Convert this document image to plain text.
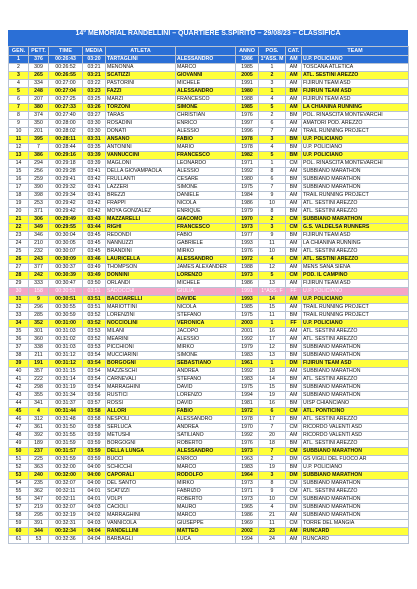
14° MEMORIAL RANDELLINI – QUARTIERE S.SPIRITO – 29/08/23 – CLASSIFICA
GEN.	PETT.	TIME	MEDIA	ATLETA		ANNO	POS.	CAT.	TEAM
1	376	00:26:43	03:20	TARTAGLINI	ALESSANDRO	1986	1°ASS. M	AM	U.P. POLICIANO
2	309	00:26:52	03:21	MENONNA	MARCO	1985	1	AM	TOSCANA ATLETICA
3	265	00:26:55	03:21	SCATIZZI	GIOVANNI	2005	2	AM	ATL. SESTINI AREZZO
4	334	00:27:00	03:22	PASTORINI	MICHELE	1991	3	AM	FIJIRUN TEAM ASD
5	248	00:27:04	03:23	FAZZI	ALESSANDRO	1980	1	BM	FIJIRUN TEAM ASD
6	207	00:27:25	03:25	MARZI	FRANCESCO	1988	4	AM	FIJIRUN TEAM ASD
7	380	00:27:33	03:26	TORZONI	SIMONE	1985	5	AM	LA CHIANINA RUNNING
8	374	00:27:40	03:27	TARAS	CHRISTIAN	1976	2	BM	POL. RINASCITA MONTEVARCHI
9	350	00:28:00	03:30	ROSADINI	ENRICO	1997	6	AM	AMATORI POD. AREZZO
10	201	00:28:02	03:30	DONATI	ALESSIO	1996	7	AM	TRAIL RUNNING PROJECT
11	395	00:28:11	03:31	ANSANO	FABIO	1978	3	BM	U.P. POLICIANO
12	7	00:28:44	03:35	ANTONINI	MARIO	1978	4	BM	U.P. POLICIANO
13	386	00:29:16	03:39	VANNUCCINI	FRANCESCO	1982	5	BM	U.P. POLICIANO
14	294	00:29:18	03:39	MAGLONI	LEONARDO	1971	1	CM	POL. RINASCITA MONTEVARCHI
15	256	00:29:28	03:41	DELLA GIOVAMPAOLA	ALESSIO	1992	8	AM	SUBBIANO MARATHON
16	259	00:29:41	03:42	FRULLANTI	CESARE	1980	6	BM	SUBBIANO MARATHON
17	390	00:29:32	03:41	LAZZERI	SIMONE	1975	7	BM	SUBBIANO MARATHON
18	398	00:29:34	03:41	BREZZI	DANIELE	1984	9	AM	TRAIL RUNNING PROJECT
19	253	00:29:42	03:42	FRAPPI	NICOLA	1986	10	AM	ATL. SESTINI AREZZO
20	371	00:29:42	03:42	MOYA GONZALEZ	ENRIQUE	1979	8	BM	ATL. SESTINI AREZZO
21	306	00:29:49	03:43	MAZZARELLI	GIACOMO	1970	2	CM	SUBBIANO MARATHON
22	349	00:29:55	03:44	RIGHI	FRANCESCO	1973	3	CM	G.S. VALDELSA RUNNERS
23	346	00:30:04	03:45	REDONDI	FABIO	1977	9	BM	FIJIRUN TEAM ASD
24	210	00:30:05	03:45	NANNUZZI	GABRIELE	1993	11	AM	LA CHIANINA RUNNING
25	232	00:30:07	03:45	BRANDINI	MIRKO	1976	10	BM	ATL. SESTINI AREZZO
26	243	00:30:09	03:46	LAURICELLA	ALESSANDRO	1972	4	CM	ATL. SESTINI AREZZO
27	377	00:30:37	03:49	THOMPSON	JAMES ALEXANDER	1988	12	AM	MENS SANA SIENA
28	242	00:30:39	03:49	DONNINI	LORENZO	1973	5	CM	POD. IL CAMPINO
29	333	00:30:47	03:50	ORLANDI	MICHELE	1986	13	AM	FIJIRUN TEAM ASD
30	158	00:30:51	03:51	SADOCCHI	GIULIA	1991	1°ASS. F	FF	U.P. POLICIANO
31	9	00:30:51	03:51	BACCIARELLI	DAVIDE	1993	14	AM	U.P. POLICIANO
32	296	00:30:55	03:51	MARIOTTINI	NICOLA	1985	15	AM	TRAIL RUNNING PROJECT
33	285	00:30:59	03:52	LORENZINI	STEFANO	1975	11	BM	TRAIL RUNNING PROJECT
34	352	00:31:00	03:52	NOCCIOLINI	VERONICA	2003	1	FF	U.P. POLICIANO
35	301	00:31:03	03:53	MILANI	JACOPO	2001	16	AM	ATL. SESTINI AREZZO
36	360	00:31:02	03:52	MEARINI	ALESSIO	1992	17	AM	ATL. SESTINI AREZZO
37	338	00:31:03	03:53	PICCHIONI	MIRKO	1979	12	BM	SUBBIANO MARATHON
38	211	00:31:12	03:54	MUCCIARINI	SIMONE	1983	13	BM	SUBBIANO MARATHON
39	191	00:31:12	03:54	BORGOGNI	SEBASTIANO	1961	1	DM	FIJIRUN TEAM ASD
40	357	00:31:15	03:54	MAZZESCHI	ANDREA	1992	18	AM	SUBBIANO MARATHON
41	222	00:31:14	03:54	CARNEVALI	STEFANO	1983	14	BM	ATL. SESTINI AREZZO
42	298	00:31:19	03:54	MARRAGHINI	DAVID	1975	15	BM	SUBBIANO MARATHON
43	355	00:31:34	03:56	RUSTICI	LORENZO	1994	19	AM	SUBBIANO MARATHON
44	341	00:31:37	03:57	ROSSI	DAVID	1981	16	BM	UISP CHIANCIANO
45	4	00:31:44	03:58	ALLORI	FABIO	1972	6	CM	ATL. PONTICINO
46	312	00:31:48	03:58	NESPOLI	ALESSANDRO	1978	17	BM	ATL. SESTINI AREZZO
47	361	00:31:50	03:58	SERLUCA	ANDREA	1970	7	CM	RICORDO VALENTI ASD
48	392	00:31:55	03:59	METUSHI	SATILIANO	1992	20	AM	RICORDO VALENTI ASD
49	189	00:31:59	03:59	BORGOGNI	ROBERTO	1976	18	BM	ATL. SESTINI AREZZO
50	237	00:31:57	03:59	DELLA LUNGA	ALESSANDRO	1973	7	CM	SUBBIANO MARATHON
51	225	00:31:59	03:59	BUCCI	ENRICO	1963	2	DM	GS VIGILI DEL FUOCO AR
52	363	00:32:00	04:00	SCHICCHI	MARCO	1983	19	BM	U.P. POLICIANO
53	240	00:32:00	04:00	CAPORALI	RODOLFO	1964	3	DM	SUBBIANO MARATHON
54	235	00:32:07	04:00	DEL SANTO	MIRKO	1973	8	CM	SUBBIANO MARATHON
55	362	00:32:11	04:01	SCATIZZI	FABRIZIO	1971	9	CM	ATL. SESTINI AREZZO
56	347	00:32:11	04:01	VOLPI	ROBERTO	1973	10	CM	SUBBIANO MARATHON
57	219	00:32:07	04:03	CACIOLI	MAURO	1965	4	DM	SUBBIANO MARATHON
58	295	00:32:19	04:02	MARRAGHINI	MARCO	1986	21	AM	SUBBIANO MARATHON
59	391	00:32:31	04:03	VANNICOLA	GIUSEPPE	1969	11	CM	TORRE DEL MANGIA
60	344	00:32:34	04:04	RANDELLINI	MATTEO	2002	23	AM	RUNCARD
61	53	00:32:36	04:04	BARBAGLI	LUCA	1994	24	AM	RUNCARD
